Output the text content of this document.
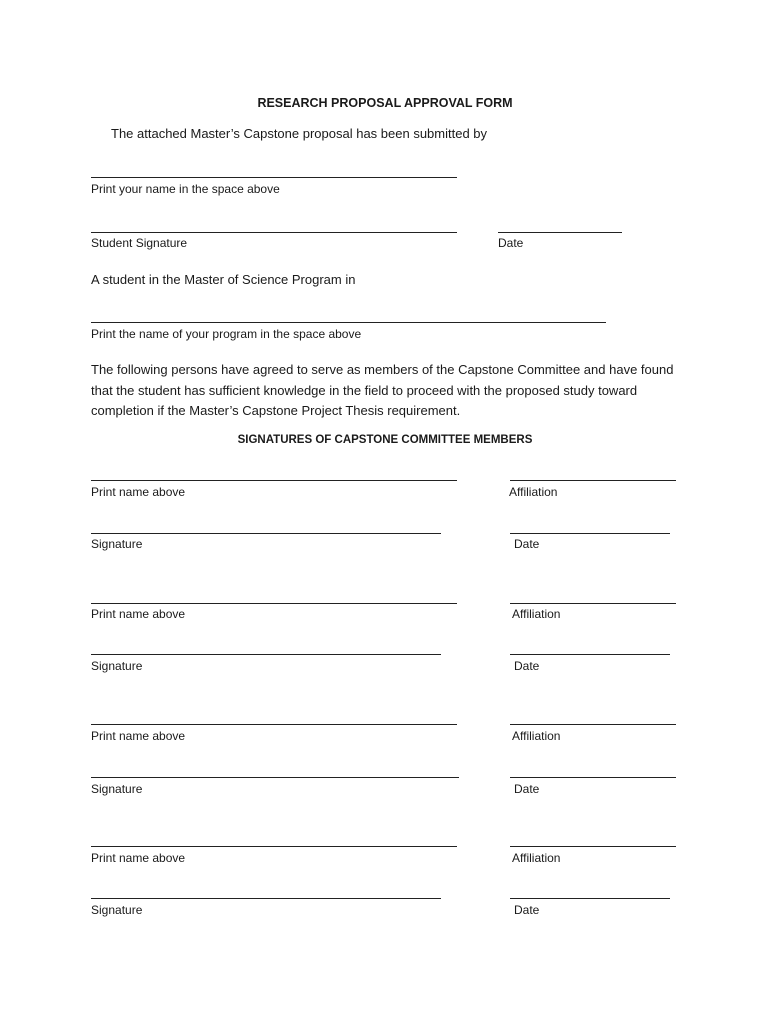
RESEARCH PROPOSAL APPROVAL FORM
The attached Master’s Capstone proposal has been submitted by
Print your name in the space above
Student Signature	Date
A student in the Master of Science Program in
Print the name of your program in the space above
The following persons have agreed to serve as members of the Capstone Committee and have found that the student has sufficient knowledge in the field to proceed with the proposed study toward completion if the Master’s Capstone Project Thesis requirement.
SIGNATURES OF CAPSTONE COMMITTEE MEMBERS
Print name above	Affiliation
Signature	Date
Print name above	Affiliation
Signature	Date
Print name above	Affiliation
Signature	Date
Print name above	Affiliation
Signature	Date
